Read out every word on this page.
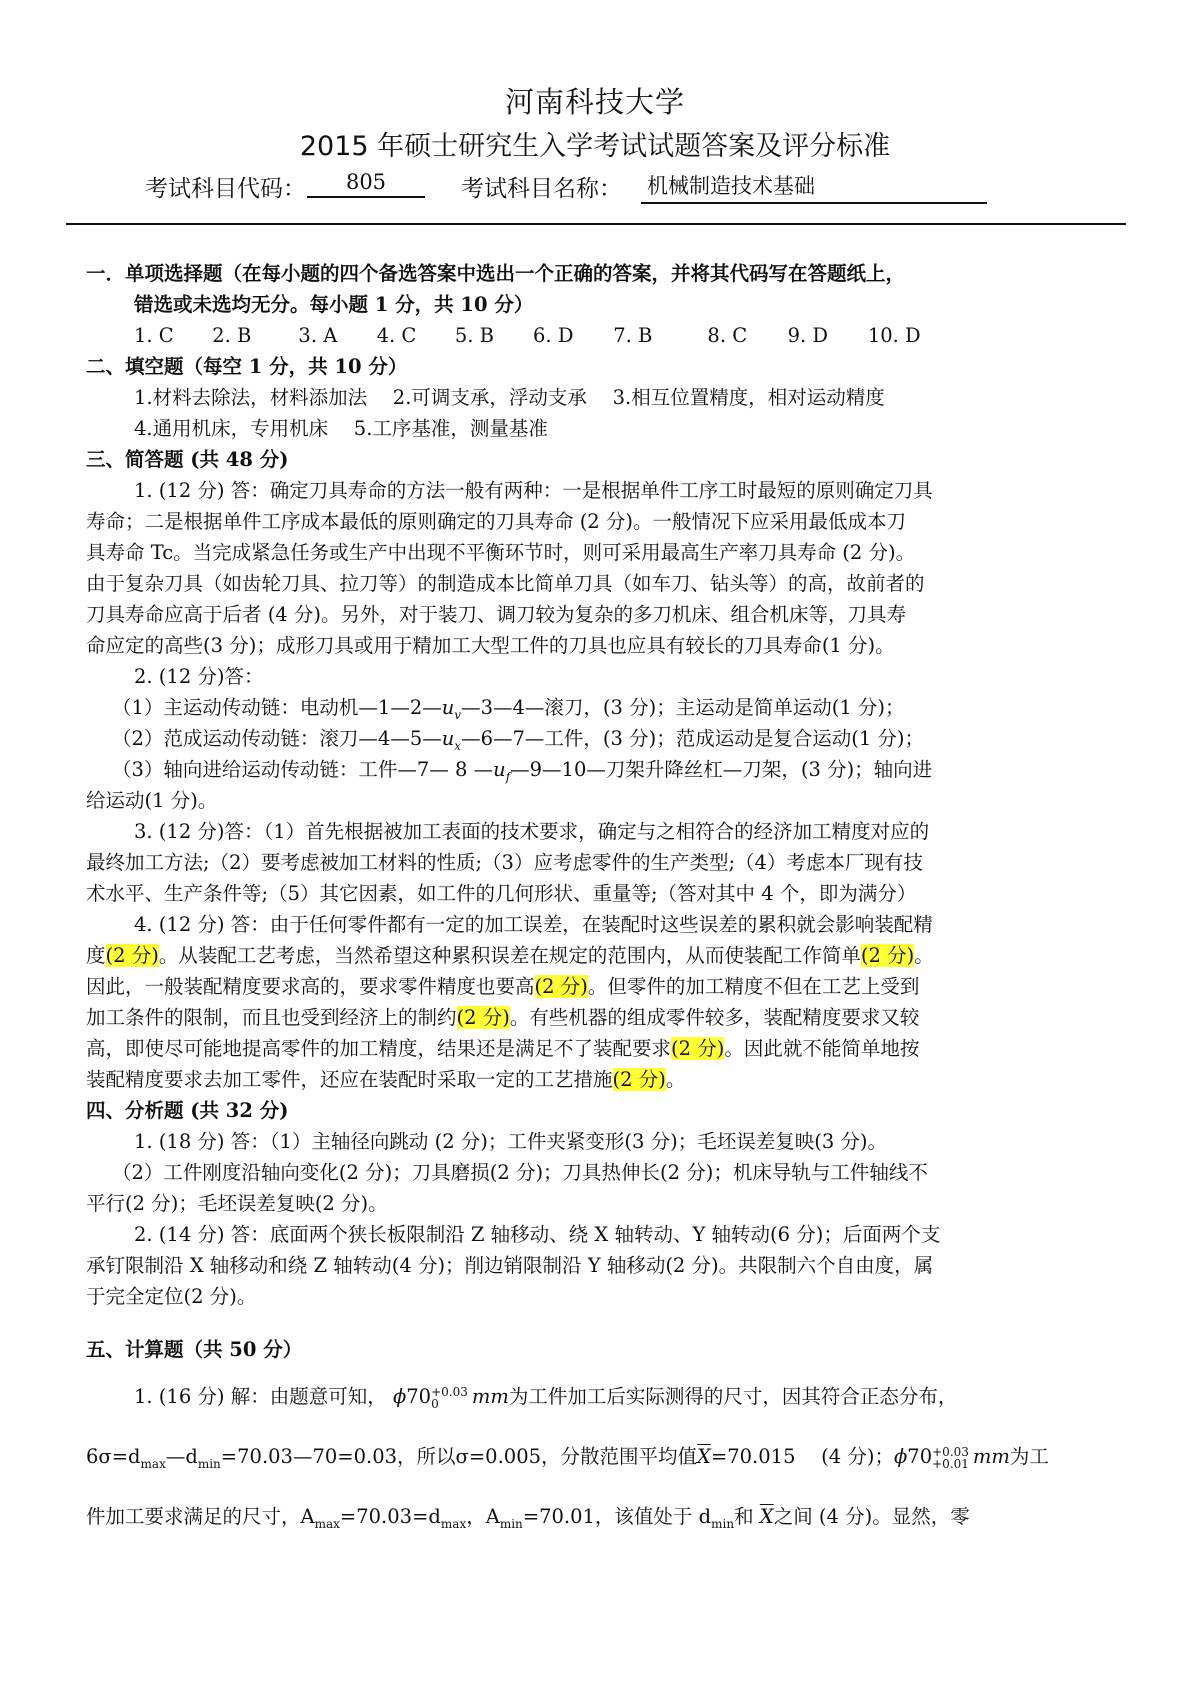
河南科技大学
2015 年硕士研究生入学考试试题答案及评分标准
考试科目代码：	805	考试科目名称： 机械制造技术基础
一．单项选择题（在每小题的四个备选答案中选出一个正确的答案，并将其代码写在答题纸上，
错选或未选均无分。每小题 1 分，共 10 分）
1. C 2. B 3. A 4. C 5. B 6. D 7. B	8. C 9. D 10. D
二、填空题（每空 1 分，共 10 分）
1.材料去除法，材料添加法　 2.可调支承，浮动支承　 3.相互位置精度，相对运动精度
4.通用机床，专用机床　 5.工序基准，测量基准
三、简答题 (共 48 分)
1. (12 分) 答：确定刀具寿命的方法一般有两种：一是根据单件工序工时最短的原则确定刀具
寿命；二是根据单件工序成本最低的原则确定的刀具寿命 (2 分)。一般情况下应采用最低成本刀
具寿命 Tc。当完成紧急任务或生产中出现不平衡环节时，则可采用最高生产率刀具寿命 (2 分)。
由于复杂刀具（如齿轮刀具、拉刀等）的制造成本比简单刀具（如车刀、钻头等）的高，故前者的
刀具寿命应高于后者 (4 分)。另外，对于装刀、调刀较为复杂的多刀机床、组合机床等，刀具寿
命应定的高些(3 分)；成形刀具或用于精加工大型工件的刀具也应具有较长的刀具寿命(1 分)。
2. (12 分)答：
（1）主运动传动链：电动机$—1—2—u_v—3—4—$滚刀，(3 分)；主运动是简单运动(1 分)；
（2）范成运动传动链：滚刀$—4—5—u_x—6—7—$工件，(3 分)；范成运动是复合运动(1 分)；
（3）轴向进给运动传动链：工件—7— 8 $—u_f—9—10—$刀架升降丝杠—刀架，(3 分)；轴向进
给运动(1 分)。
3. (12 分)答：（1）首先根据被加工表面的技术要求，确定与之相符合的经济加工精度对应的
最终加工方法;（2）要考虑被加工材料的性质;（3）应考虑零件的生产类型;（4）考虑本厂现有技
术水平、生产条件等;（5）其它因素，如工件的几何形状、重量等;（答对其中 4 个，即为满分）
4. (12 分) 答：由于任何零件都有一定的加工误差，在装配时这些误差的累积就会影响装配精
度(2 分)。从装配工艺考虑，当然希望这种累积误差在规定的范围内，从而使装配工作简单(2 分)。
因此，一般装配精度要求高的，要求零件精度也要高(2 分)。但零件的加工精度不但在工艺上受到
加工条件的限制，而且也受到经济上的制约(2 分)。有些机器的组成零件较多，装配精度要求又较
高，即使尽可能地提高零件的加工精度，结果还是满足不了装配要求(2 分)。因此就不能简单地按
装配精度要求去加工零件，还应在装配时采取一定的工艺措施(2 分)。
四、分析题 (共 32 分)
1. (18 分) 答：（1）主轴径向跳动 (2 分)；工件夹紧变形(3 分)；毛坯误差复映(3 分)。
（2）工件刚度沿轴向变化(2 分)；刀具磨损(2 分)；刀具热伸长(2 分)；机床导轨与工件轴线不
平行(2 分)；毛坯误差复映(2 分)。
2. (14 分) 答：底面两个狭长板限制沿 Z 轴移动、绕 X 轴转动、Y 轴转动(6 分)；后面两个支
承钉限制沿 X 轴移动和绕 Z 轴转动(4 分)；削边销限制沿 Y 轴移动(2 分)。共限制六个自由度，属
于完全定位(2 分)。
五、计算题（共 50 分）
1. (16 分) 解：由题意可知， ϕ70 +0.03
0	mm为工件加工后实际测得的尺寸，因其符合正态分布，
$6\sigma=d_{max}—d_{min}=70.03—70=0.03$，所以σ=0.005，分散范围平均值$\overline{X}=70.015$　 (4 分)；ϕ70 +0.03
+0.01 mm为工
件加工要求满足的尺寸，$A_{max}=70.03=d_{max}$，$A_{min}=70.01$，该值处于 $d_{min}$和 $\overline{X}$之间 (4 分)。显然，零
